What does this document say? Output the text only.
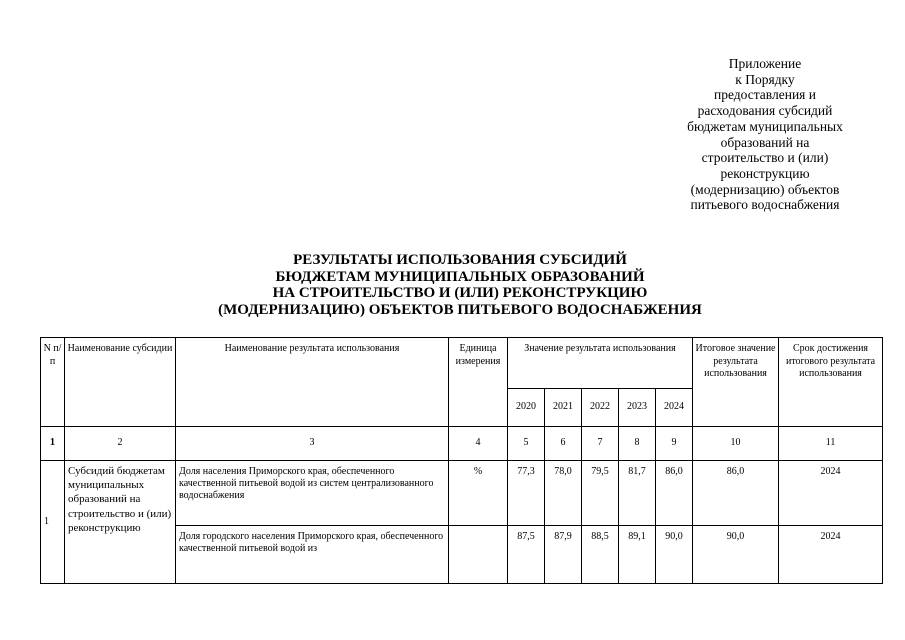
Приложение
к Порядку
предоставления и
расходования субсидий
бюджетам муниципальных
образований на
строительство и (или)
реконструкцию
(модернизацию) объектов
питьевого водоснабжения
РЕЗУЛЬТАТЫ ИСПОЛЬЗОВАНИЯ СУБСИДИЙ
БЮДЖЕТАМ МУНИЦИПАЛЬНЫХ ОБРАЗОВАНИЙ
НА СТРОИТЕЛЬСТВО И (ИЛИ) РЕКОНСТРУКЦИЮ
(МОДЕРНИЗАЦИЮ) ОБЪЕКТОВ ПИТЬЕВОГО ВОДОСНАБЖЕНИЯ
N п/п	Наименование субсидии	Наименование результата использования	Единица измерения	Значение результата использования					Итоговое значение результата использования	Срок достижения итогового результата использования
				2020	2021	2022	2023	2024		
1	2	3	4	5	6	7	8	9	10	11
1	Субсидий бюджетам муниципальных образований на строительство и (или) реконструкцию	Доля населения Приморского края, обеспеченного качественной питьевой водой из систем централизованного водоснабжения	%	77,3	78,0	79,5	81,7	86,0	86,0	2024
		Доля городского населения Приморского края, обеспеченного качественной питьевой водой из		87,5	87,9	88,5	89,1	90,0	90,0	2024
